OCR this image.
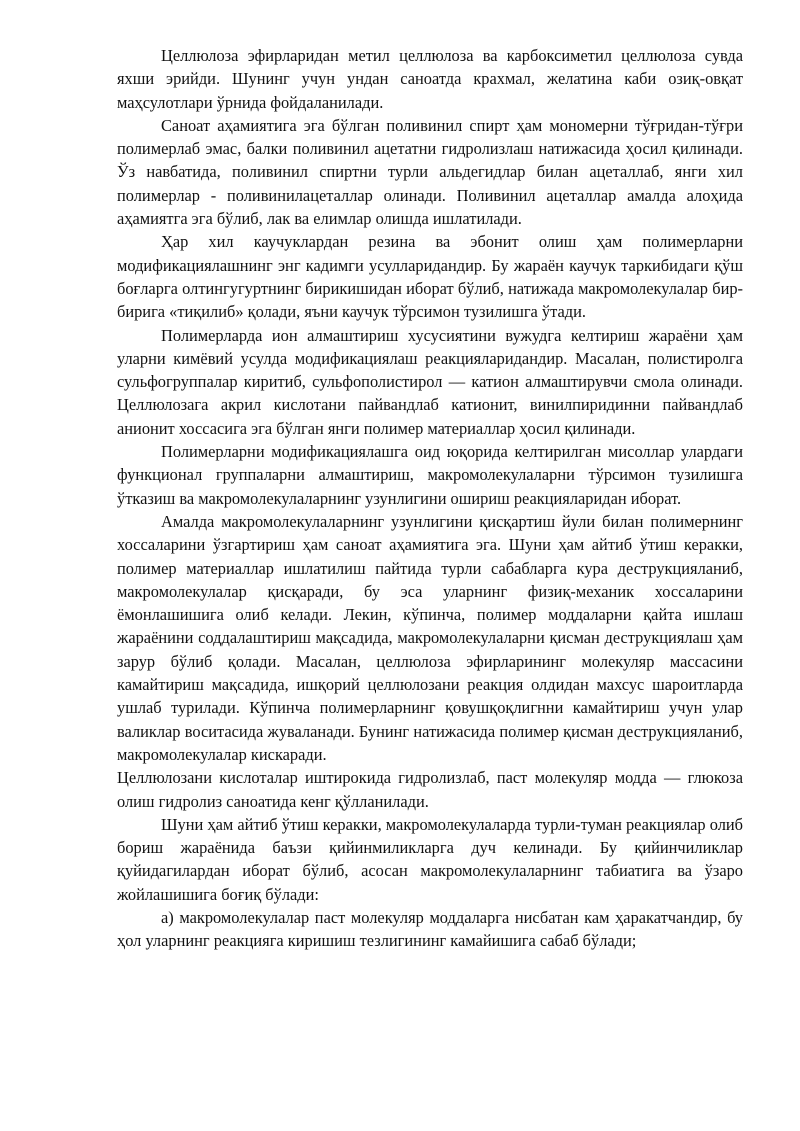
Целлюлоза эфирларидан метил целлюлоза ва карбоксиметил целлюлоза сувда яхши эрийди. Шунинг учун ундан саноатда крахмал, желатина каби озиқ-овқат маҳсулотлари ўрнида фойдаланилади.

Саноат аҳамиятига эга бўлган поливинил спирт ҳам мономерни тўғридан-тўғри полимерлаб эмас, балки поливинил ацетатни гидролизлаш натижасида ҳосил қилинади. Ўз навбатида, поливинил спиртни турли альдегидлар билан ацеталлаб, янги хил полимерлар - поливинилацеталлар олинади. Поливинил ацеталлар амалда алоҳида аҳамиятга эга бўлиб, лак ва елимлар олишда ишлатилади.

Ҳар хил каучуклардан резина ва эбонит олиш ҳам полимерларни модификациялашнинг энг кадимги усулларидандир. Бу жараён каучук таркибидаги қўш боғларга олтингугуртнинг бирикишидан иборат бўлиб, натижада макромолекулалар бир-бирига «тиқилиб» қолади, яъни каучук тўрсимон тузилишга ўтади.

Полимерларда ион алмаштириш хусусиятини вужудга келтириш жараёни ҳам уларни кимёвий усулда модификациялаш реакцияларидандир. Масалан, полистиролга сульфогруппалар киритиб, сульфополистирол — катион алмаштирувчи смола олинади. Целлюлозага акрил кислотани пайвандлаб катионит, винилпиридинни пайвандлаб анионит хоссасига эга бўлган янги полимер материаллар ҳосил қилинади.

Полимерларни модификациялашга оид юқорида келтирилган мисоллар улардаги функционал группаларни алмаштириш, макромолекулаларни тўрсимон тузилишга ўтказиш ва макромолекулаларнинг узунлигини ошириш реакцияларидан иборат.

Амалда макромолекулаларнинг узунлигини қисқартиш йули билан полимернинг хоссаларини ўзгартириш ҳам саноат аҳамиятига эга. Шуни ҳам айтиб ўтиш керакки, полимер материаллар ишлатилиш пайтида турли сабабларга кура деструкцияланиб, макромолекулалар қисқаради, бу эса уларнинг физиқ-механик хоссаларини ёмонлашишига олиб келади. Лекин, кўпинча, полимер моддаларни қайта ишлаш жараёнини соддалаштириш мақсадида, макромолекулаларни қисман деструкциялаш ҳам зарур бўлиб қолади. Масалан, целлюлоза эфирларининг молекуляр массасини камайтириш мақсадида, ишқорий целлюлозани реакция олдидан махсус шароитларда ушлаб турилади. Кўпинча полимерларнинг қовушқоқлигнни камайтириш учун улар валиклар воситасида жуваланади. Бунинг натижасида полимер қисман деструкцияланиб, макромолекулалар кискаради.

Целлюлозани кислоталар иштирокида гидролизлаб, паст молекуляр модда — глюкоза олиш гидролиз саноатида кенг қўлланилади.

Шуни ҳам айтиб ўтиш керакки, макромолекулаларда турли-туман реакциялар олиб бориш жараёнида баъзи қийинмиликларга дуч келинади. Бу қийинчиликлар қуйидагилардан иборат бўлиб, асосан макромолекулаларнинг табиатига ва ўзаро жойлашишига боғиқ бўлади:

а) макромолекулалар паст молекуляр моддаларга нисбатан кам ҳаракатчандир, бу ҳол уларнинг реакцияга киришиш тезлигининг камайишига сабаб бўлади;
